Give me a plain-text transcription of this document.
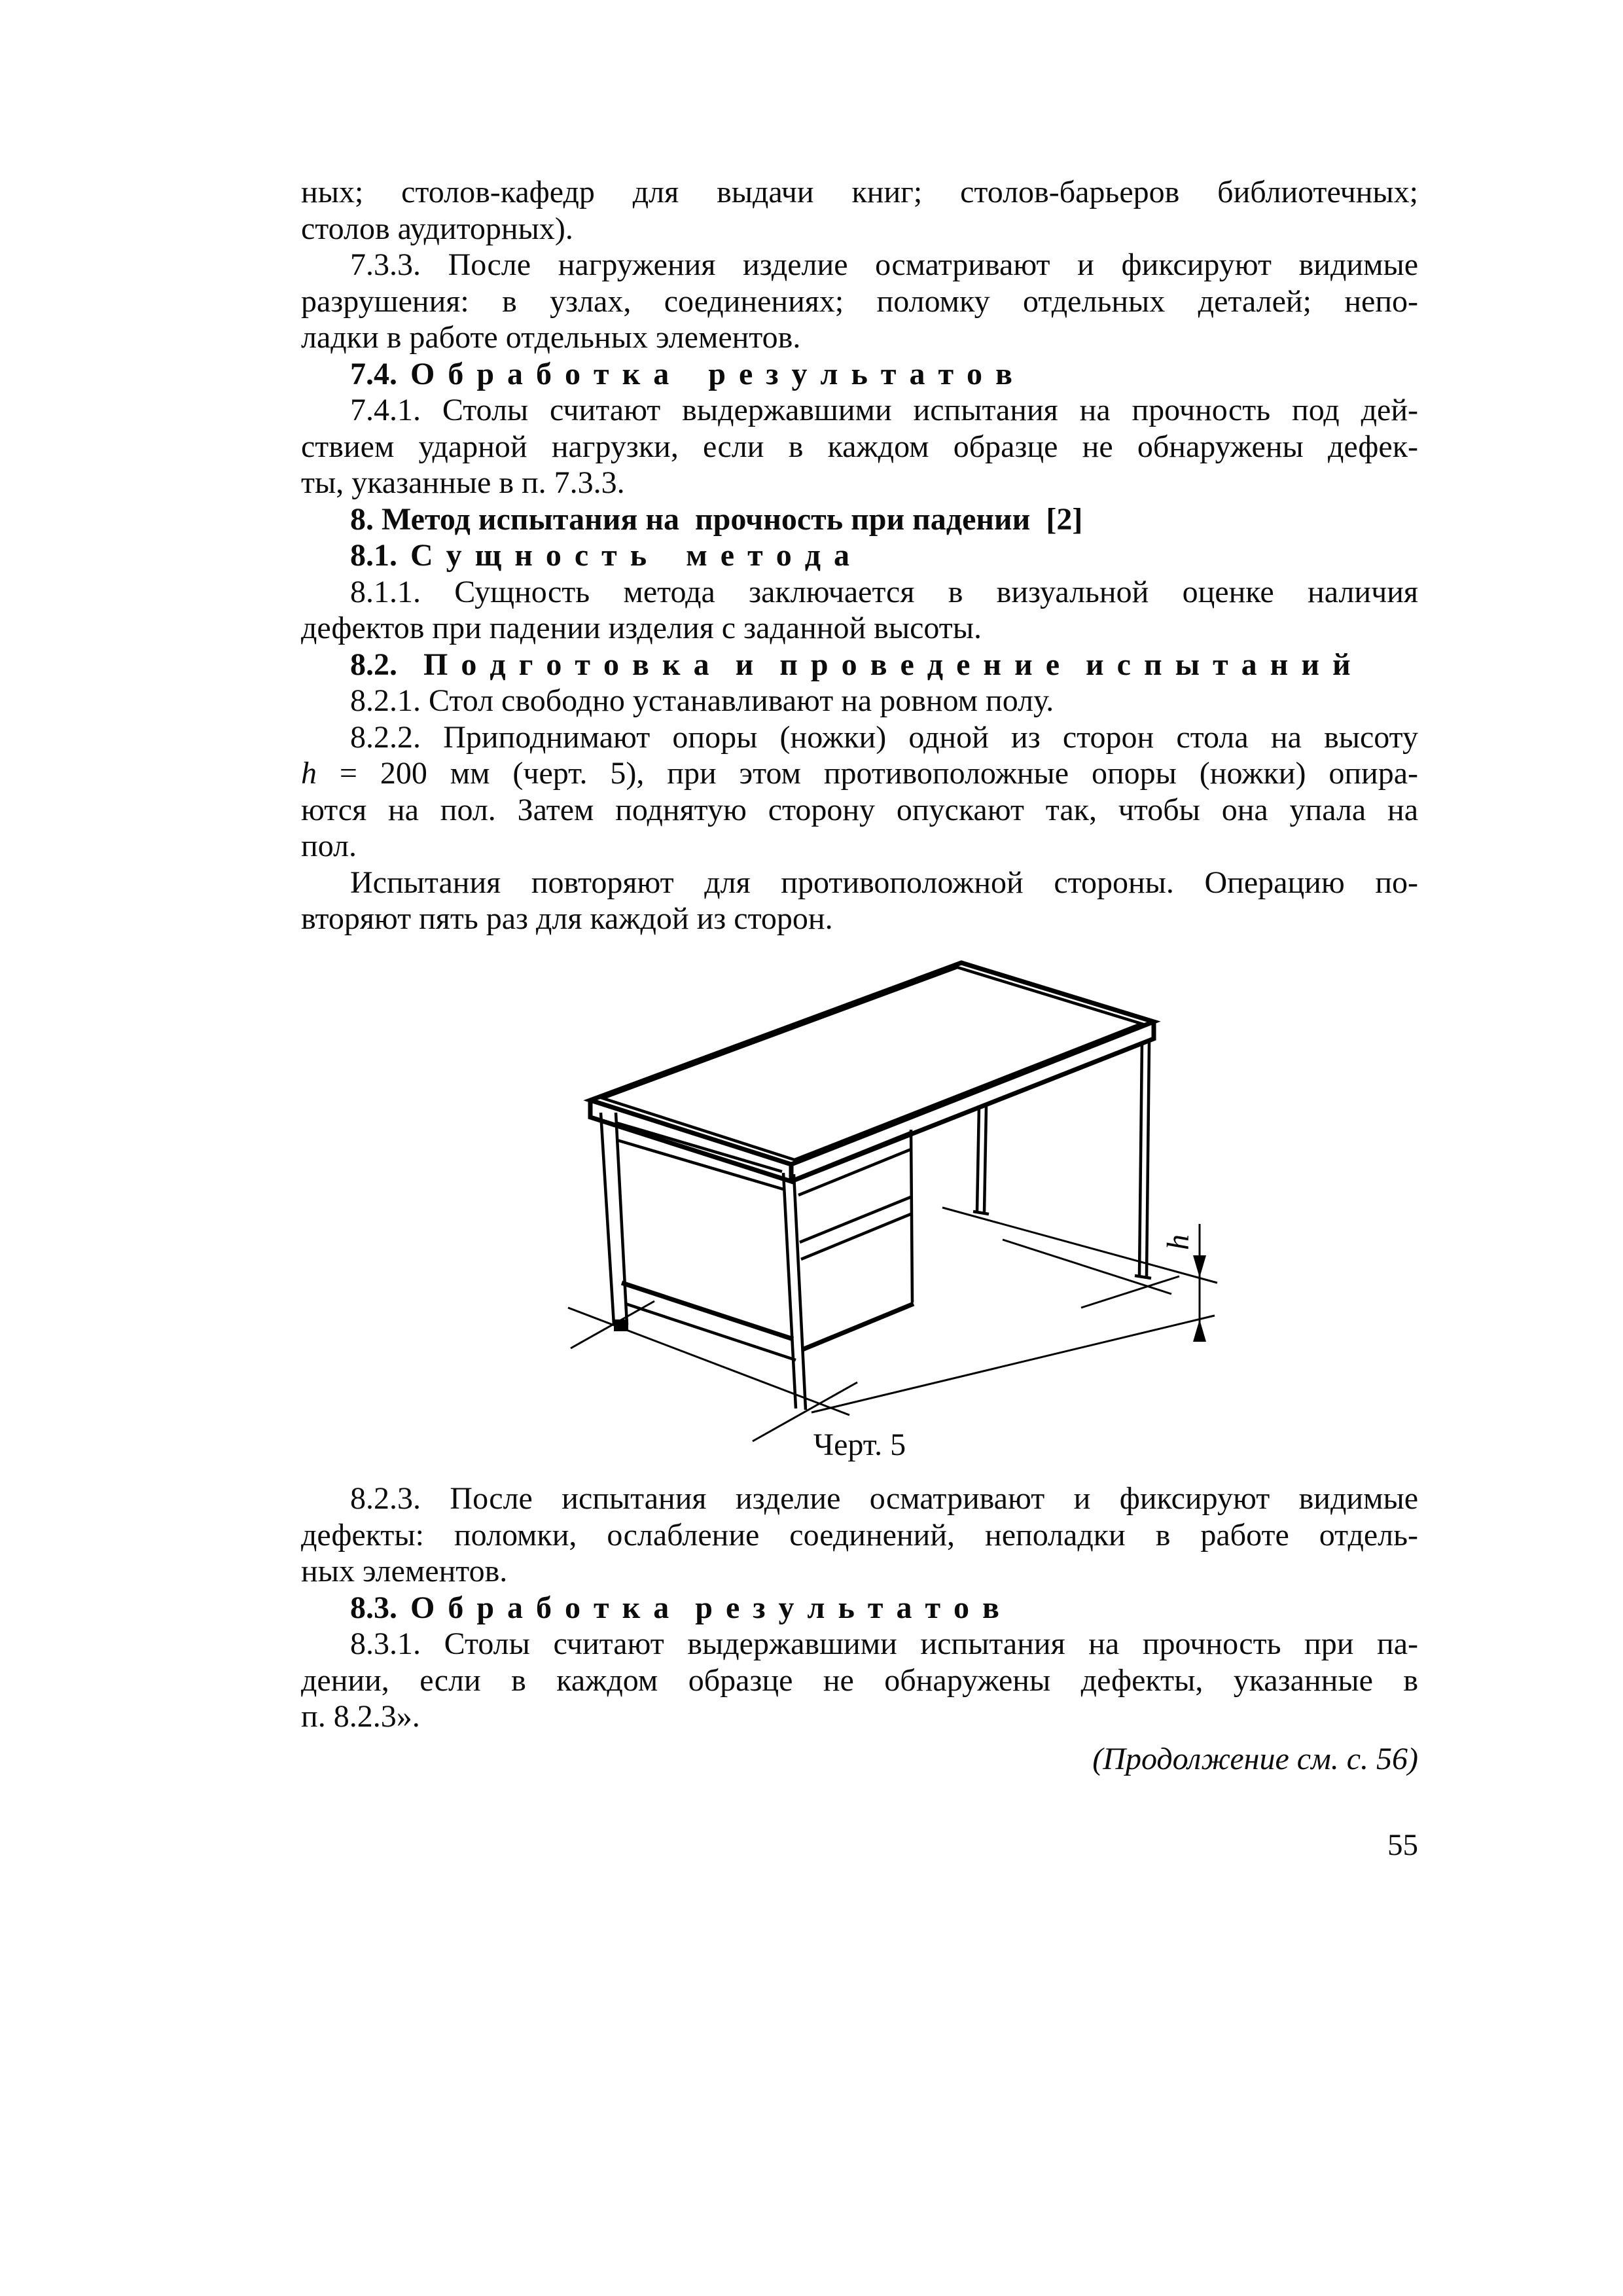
ных; столов-кафедр для выдачи книг; столов-барьеров библиотечных;
столов аудиторных).
7.3.3. После нагружения изделие осматривают и фиксируют видимые
разрушения: в узлах, соединениях; поломку отдельных деталей; непо-
ладки в работе отдельных элементов.
7.4. О б р а б о т к а   р е з у л ь т а т о в
7.4.1. Столы считают выдержавшими испытания на прочность под дей-
ствием ударной нагрузки, если в каждом образце не обнаружены дефек-
ты, указанные в п. 7.3.3.
8. Метод испытания на  прочность при падении  [2]
8.1. С у щ н о с т ь   м е т о д а
8.1.1. Сущность метода заключается в визуальной оценке наличия
дефектов при падении изделия с заданной высоты.
8.2.  П о д г о т о в к а  и  п р о в е д е н и е  и с п ы т а н и й
8.2.1. Стол свободно устанавливают на ровном полу.
8.2.2. Приподнимают опоры (ножки) одной из сторон стола на высоту
h = 200 мм (черт. 5), при этом противоположные опоры (ножки) опира-
ются на пол. Затем поднятую сторону опускают так, чтобы она упала на
пол.
Испытания повторяют для противоположной стороны. Операцию по-
вторяют пять раз для каждой из сторон.
h
Черт. 5
8.2.3. После испытания изделие осматривают и фиксируют видимые
дефекты: поломки, ослабление соединений, неполадки в работе отдель-
ных элементов.
8.3. О б р а б о т к а  р е з у л ь т а т о в
8.3.1. Столы считают выдержавшими испытания на прочность при па-
дении, если в каждом образце не обнаружены дефекты, указанные в
п. 8.2.3».
(Продолжение см. с. 56)
55
